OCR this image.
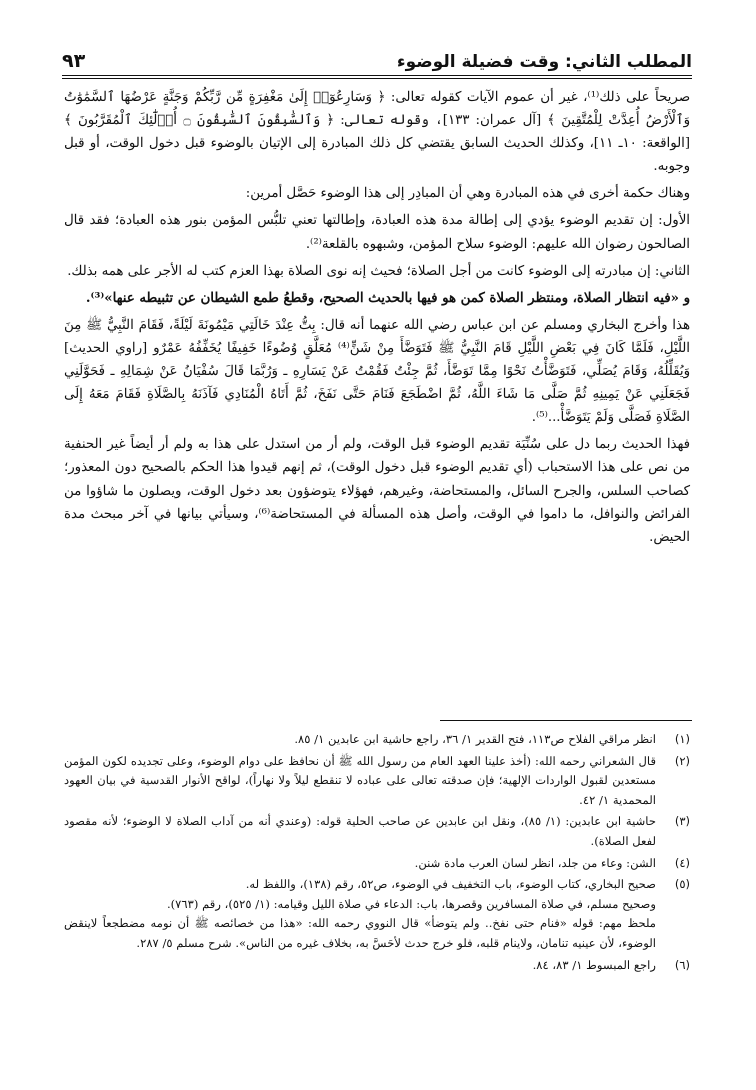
المطلب الثاني: وقت فضيلة الوضوء
٩٣

صريحاً على ذلك⁽¹⁾، غير أن عموم الآيات كقوله تعالى: ﴿ وَسَارِعُوٓا۟ إِلَىٰ مَغْفِرَةٍ مِّن رَّبِّكُمْ وَجَنَّةٍ عَرْضُهَا ٱلسَّمَٰوَٰتُ وَٱلْأَرْضُ أُعِدَّتْ لِلْمُتَّقِينَ ﴾ [آل عمران: ١٣٣]، وقوله تعالى: ﴿ وَٱلسَّٰبِقُونَ ٱلسَّٰبِقُونَ ۝ أُو۟لَٰٓئِكَ ٱلْمُقَرَّبُونَ ﴾ [الواقعة: ١٠ـ ١١]، وكذلك الحديث السابق يقتضي كل ذلك المبادرة إلى الإتيان بالوضوء قبل دخول الوقت، أو قبل وجوبه.

وهناك حكمة أخرى في هذه المبادرة وهي أن المبادِر إلى هذا الوضوء حَصَّل أمرين:

الأول: إن تقديم الوضوء يؤدي إلى إطالة مدة هذه العبادة، وإطالتها تعني تلبُّس المؤمن بنور هذه العبادة؛ فقد قال الصالحون رضوان الله عليهم: الوضوء سلاح المؤمن، وشبهوه بالقلعة⁽²⁾.

الثاني: إن مبادرته إلى الوضوء كانت من أجل الصلاة؛ فحيث إنه نوى الصلاة بهذا العزم كتب له الأجر على همه بذلك.

و «فيه انتظار الصلاة، ومنتظر الصلاة كمن هو فيها بالحديث الصحيح، وقطعُ طمع الشيطان عن تثبيطه عنها»⁽³⁾.

هذا وأخرج البخاري ومسلم عن ابن عباس رضي الله عنهما أنه قال: بِتُّ عِنْدَ خَالَتِي مَيْمُونَةَ لَيْلَةً، فَقَامَ النَّبِيُّ ﷺ مِنَ اللَّيْلِ، فَلَمَّا كَانَ فِي بَعْضِ اللَّيْلِ قَامَ النَّبِيُّ ﷺ فَتَوَضَّأَ مِنْ شَنٍّ⁽⁴⁾ مُعَلَّقٍ وُضُوءًا خَفِيفًا يُخَفِّفُهُ عَمْرٌو [راوي الحديث] وَيُقَلِّلُهُ، وَقَامَ يُصَلِّي، فَتَوَضَّأْتُ نَحْوًا مِمَّا تَوَضَّأَ، ثُمَّ جِئْتُ فَقُمْتُ عَنْ يَسَارِهِ ـ وَرُبَّمَا قَالَ سُفْيَانُ عَنْ شِمَالِهِ ـ فَحَوَّلَنِي فَجَعَلَنِي عَنْ يَمِينِهِ ثُمَّ صَلَّى مَا شَاءَ اللَّهُ، ثُمَّ اضْطَجَعَ فَنَامَ حَتَّى نَفَخَ، ثُمَّ أَتَاهُ الْمُنَادِي فَآذَنَهُ بِالصَّلَاةِ فَقَامَ مَعَهُ إِلَى الصَّلَاةِ فَصَلَّى وَلَمْ يَتَوَضَّأْ...⁽⁵⁾.

فهذا الحديث ربما دل على سُنِّيَة تقديم الوضوء قبل الوقت، ولم أر من استدل على هذا به ولم أر أيضاً غير الحنفية من نص على هذا الاستحباب (أي تقديم الوضوء قبل دخول الوقت)، ثم إنهم قيدوا هذا الحكم بالصحيح دون المعذور؛ كصاحب السلس، والجرح السائل، والمستحاضة، وغيرهم، فهؤلاء يتوضؤون بعد دخول الوقت، ويصلون ما شاؤوا من الفرائض والنوافل، ما داموا في الوقت، وأصل هذه المسألة في المستحاضة⁽⁶⁾، وسيأتي بيانها في آخر مبحث مدة الحيض.

(١)
انظر مراقي الفلاح ص١١٣، فتح القدير ١/ ٣٦، راجع حاشية ابن عابدين ١/ ٨٥.
(٢)
قال الشعراني رحمه الله: (أخذ علينا العهد العام من رسول الله ﷺ أن نحافظ على دوام الوضوء، وعلى تجديده لكون المؤمن مستعدين لقبول الواردات الإلهية؛ فإن صدقته تعالى على عباده لا تنقطع ليلاً ولا نهاراً)، لواقح الأنوار القدسية في بيان العهود المحمدية ١/ ٤٢.
(٣)
حاشية ابن عابدين: (١/ ٨٥)، ونقل ابن عابدين عن صاحب الحلية قوله: (وعندي أنه من آداب الصلاة لا الوضوء؛ لأنه مقصود لفعل الصلاة).
(٤)
الشن: وعاء من جلد، انظر لسان العرب مادة شنن.
(٥)
صحيح البخاري، كتاب الوضوء، باب التخفيف في الوضوء، ص٥٢، رقم (١٣٨)، واللفظ له.
وصحيح مسلم، في صلاة المسافرين وقصرها، باب: الدعاء في صلاة الليل وقيامه: (١/ ٥٢٥)، رقم (٧٦٣).
ملحظ مهم: قوله «فنام حتى نفخ.. ولم يتوضأ» قال النووي رحمه الله: «هذا من خصائصه ﷺ أن نومه مضطجعاً لاينقض الوضوء، لأن عينيه تنامان، ولاينام قلبه، فلو خرج حدث لأحَسَّ به، بخلاف غيره من الناس». شرح مسلم ٥/ ٢٨٧.
(٦)
راجع المبسوط ١/ ٨٣، ٨٤.
